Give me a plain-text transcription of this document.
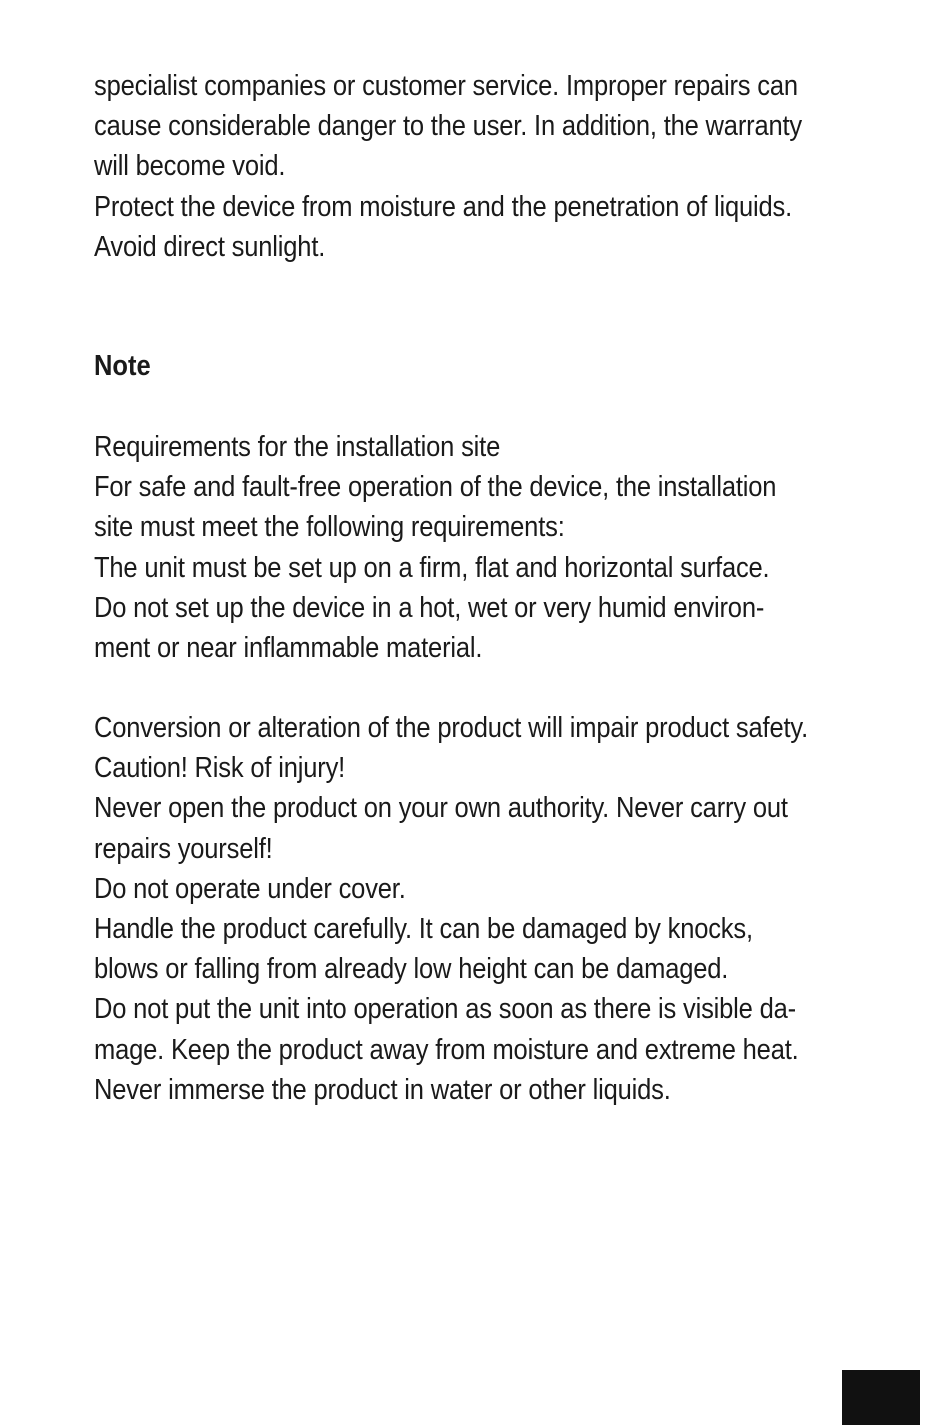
specialist companies or customer service. Improper repairs can
cause considerable danger to the user. In addition, the warranty
will become void.
Protect the device from moisture and the penetration of liquids.
Avoid direct sunlight.
Note
Requirements for the installation site
For safe and fault-free operation of the device, the installation
site must meet the following requirements:
The unit must be set up on a firm, flat and horizontal surface.
Do not set up the device in a hot, wet or very humid environ-
ment or near inflammable material.
Conversion or alteration of the product will impair product safety.
Caution! Risk of injury!
Never open the product on your own authority. Never carry out
repairs yourself!
Do not operate under cover.
Handle the product carefully. It can be damaged by knocks,
blows or falling from already low height can be damaged.
Do not put the unit into operation as soon as there is visible da-
mage. Keep the product away from moisture and extreme heat.
Never immerse the product in water or other liquids.
